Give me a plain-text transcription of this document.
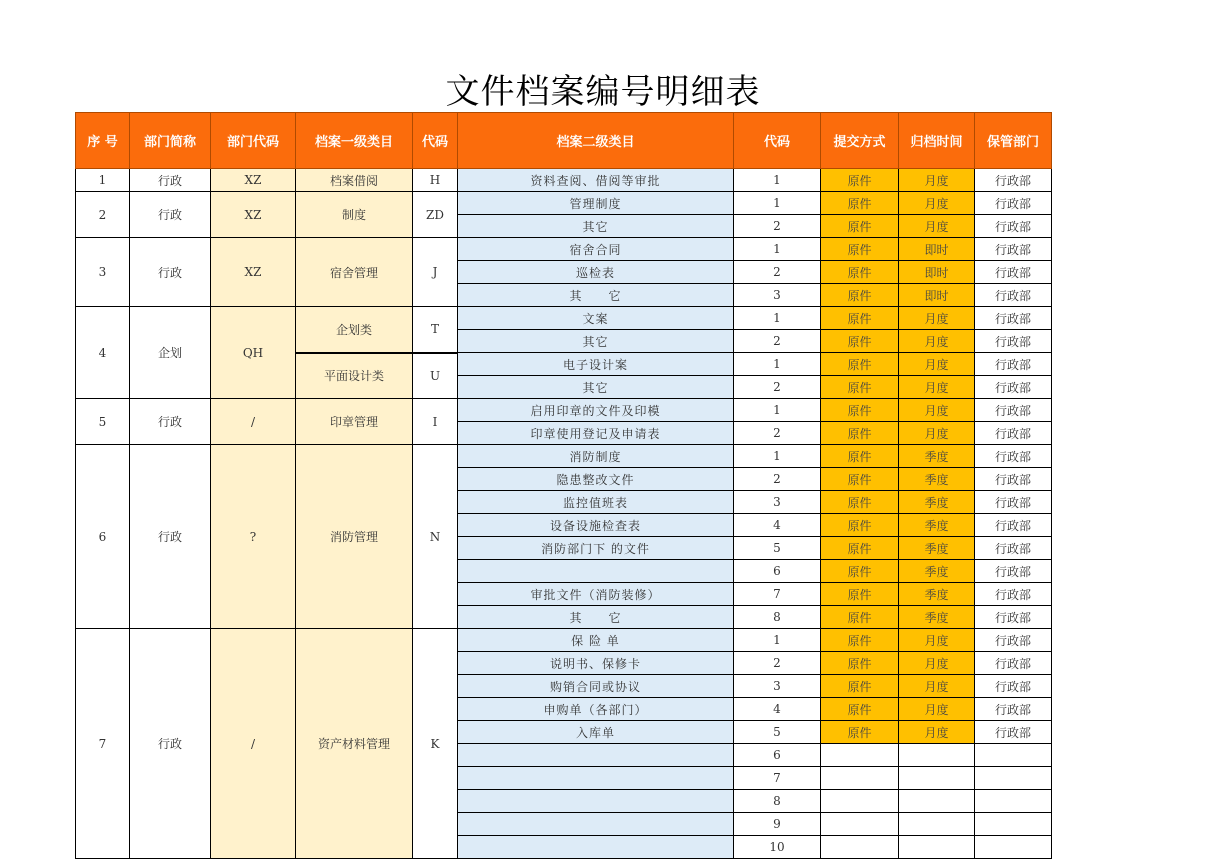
文件档案编号明细表
序 号	部门简称	部门代码	档案一级类目	代码	档案二级类目	代码	提交方式	归档时间	保管部门
1	行政	XZ	档案借阅	H	资料查阅、借阅等审批	1	原件	月度	行政部
2	行政	XZ	制度	ZD	管理制度	1	原件	月度	行政部
					其它	2	原件	月度	行政部
3	行政	XZ	宿舍管理	J	宿舍合同	1	原件	即时	行政部
					巡检表	2	原件	即时	行政部
					其　　它	3	原件	即时	行政部
4	企划	QH	企划类	T	文案	1	原件	月度	行政部
					其它	2	原件	月度	行政部
			平面设计类	U	电子设计案	1	原件	月度	行政部
					其它	2	原件	月度	行政部
5	行政	/	印章管理	I	启用印章的文件及印模	1	原件	月度	行政部
					印章使用登记及申请表	2	原件	月度	行政部
6	行政	?	消防管理	N	消防制度	1	原件	季度	行政部
					隐患整改文件	2	原件	季度	行政部
					监控值班表	3	原件	季度	行政部
					设备设施检查表	4	原件	季度	行政部
					消防部门下 的文件	5	原件	季度	行政部
						6	原件	季度	行政部
					审批文件（消防装修）	7	原件	季度	行政部
					其　　它	8	原件	季度	行政部
7	行政	/	资产材料管理	K	保 险 单	1	原件	月度	行政部
					说明书、保修卡	2	原件	月度	行政部
					购销合同或协议	3	原件	月度	行政部
					申购单（各部门）	4	原件	月度	行政部
					入库单	5	原件	月度	行政部
						6			
						7			
						8			
						9			
						10			
